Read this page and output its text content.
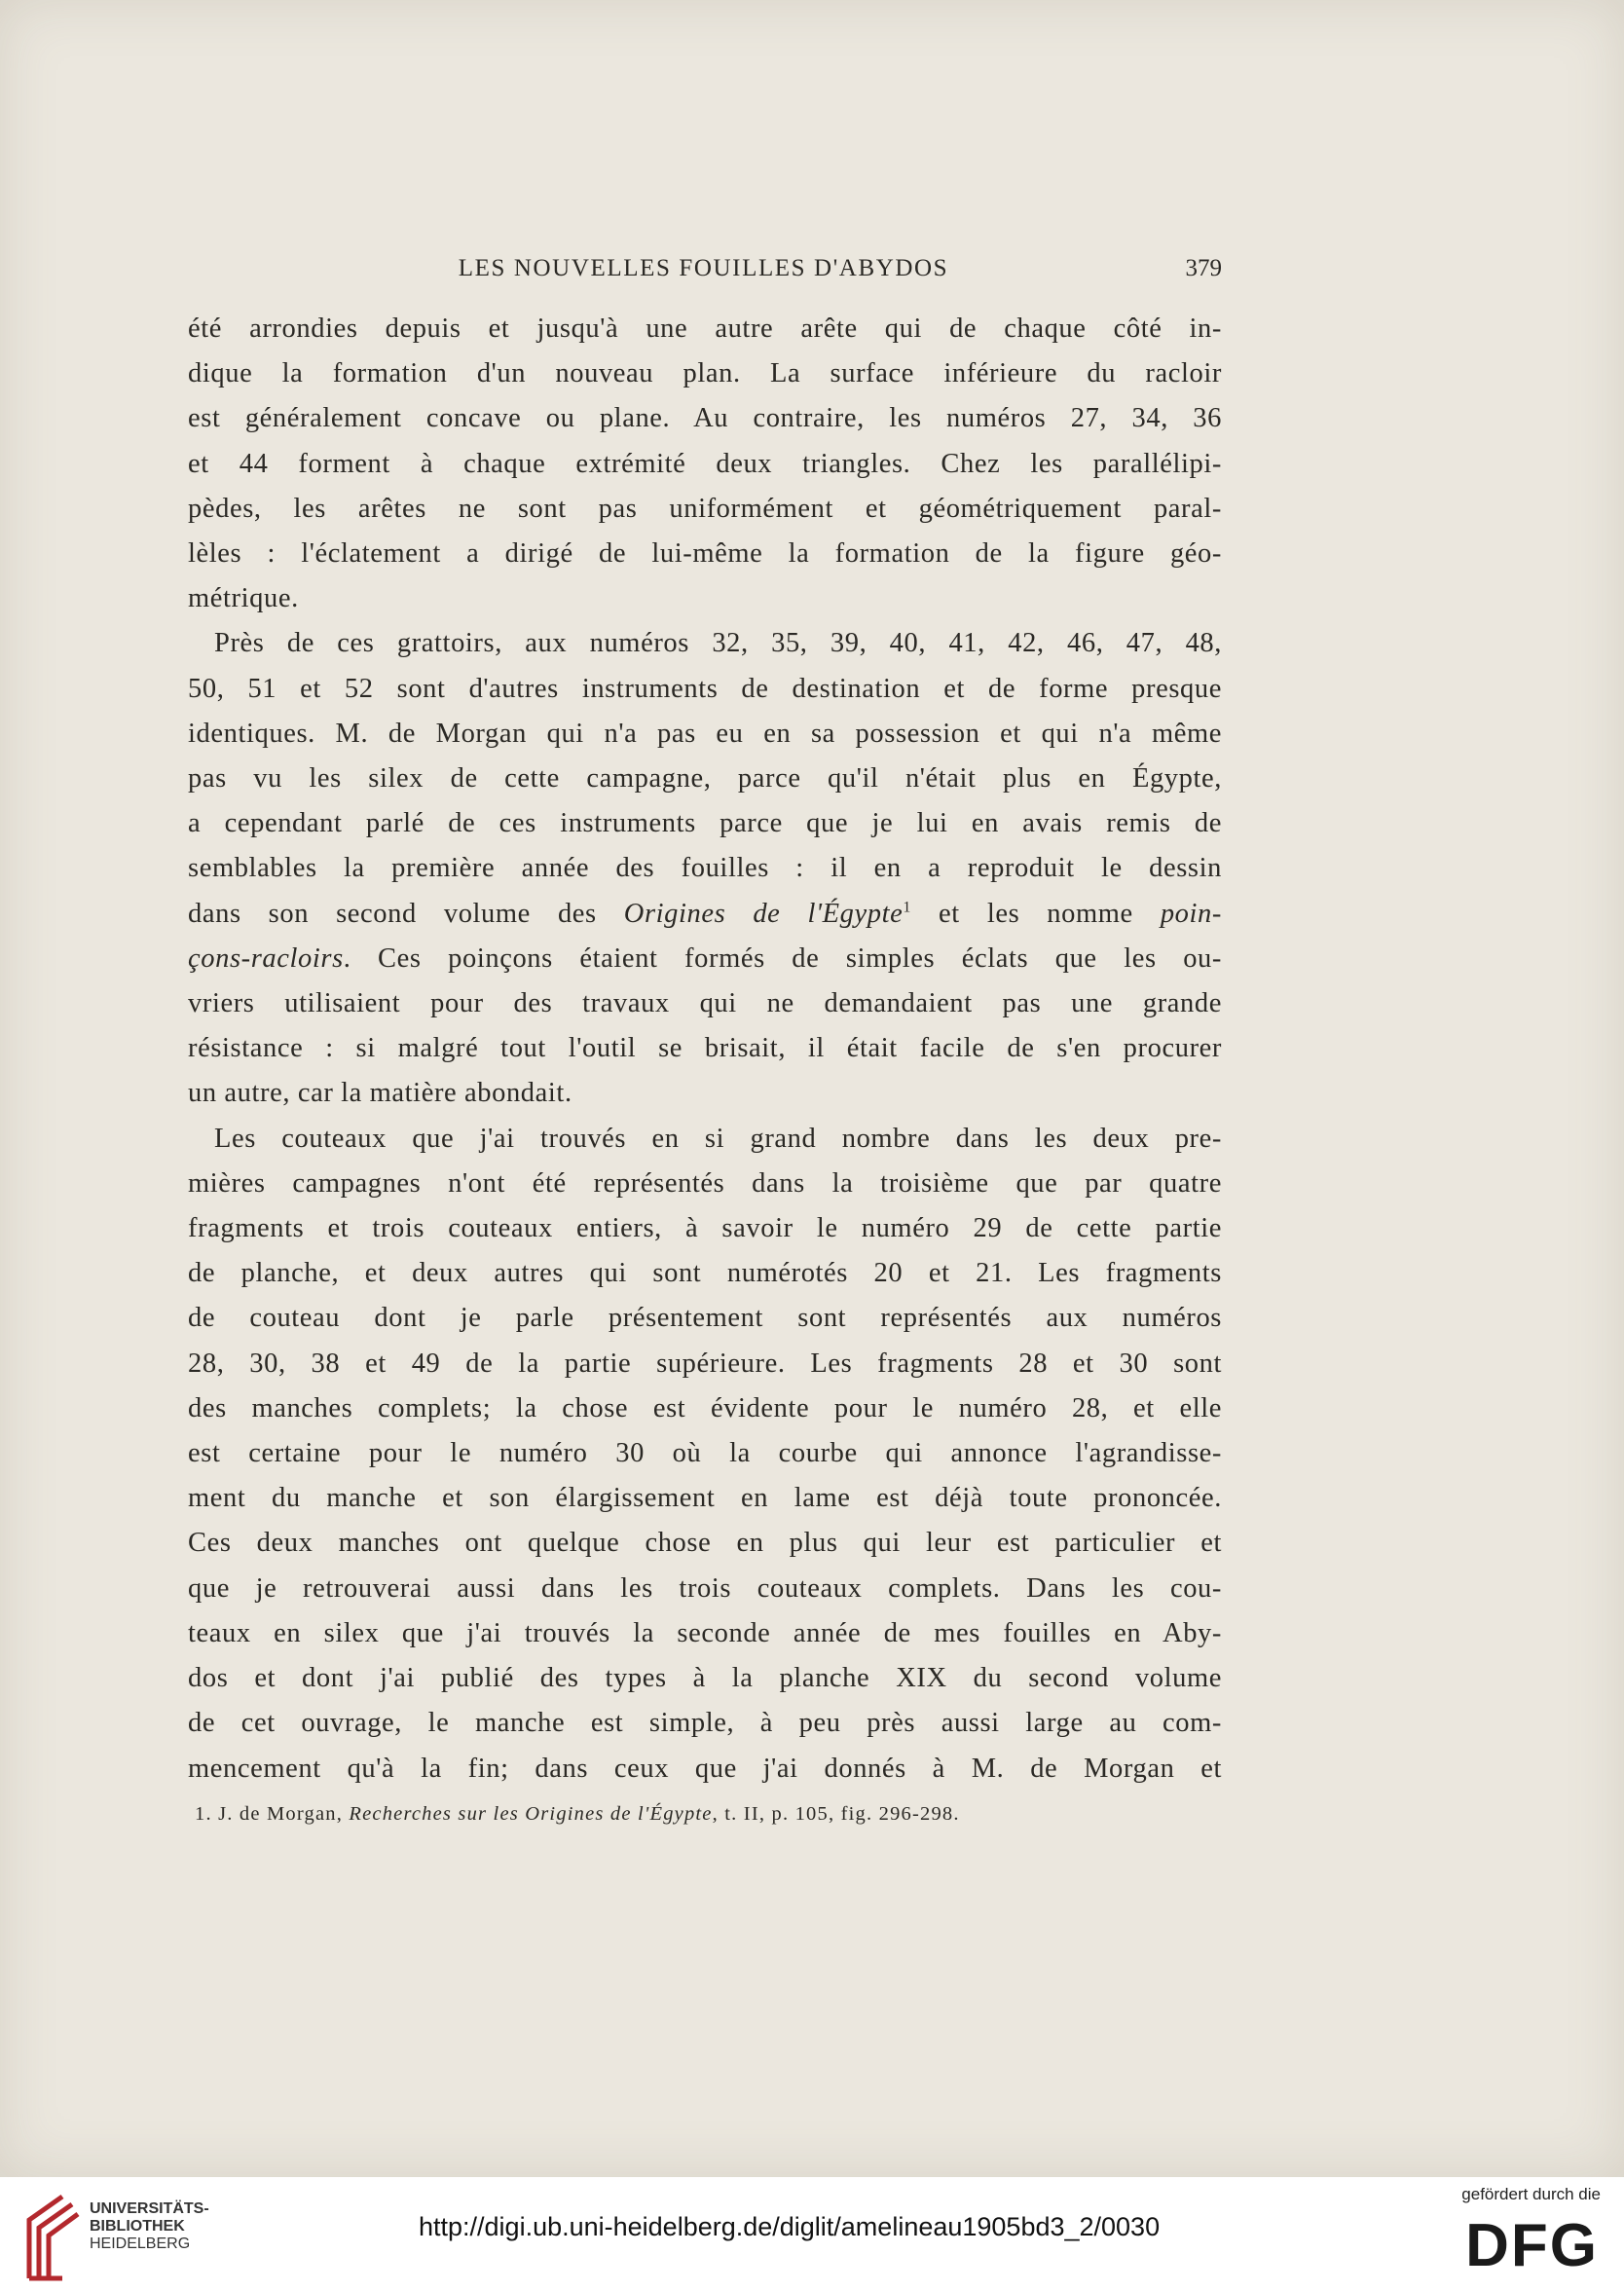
LES NOUVELLES FOUILLES D'ABYDOS	379

été arrondies depuis et jusqu'à une autre arête qui de chaque côté in-
dique la formation d'un nouveau plan. La surface inférieure du racloir
est généralement concave ou plane. Au contraire, les numéros 27, 34, 36
et 44 forment à chaque extrémité deux triangles. Chez les parallélipi-
pèdes, les arêtes ne sont pas uniformément et géométriquement paral-
lèles : l'éclatement a dirigé de lui-même la formation de la figure géo-
métrique.

Près de ces grattoirs, aux numéros 32, 35, 39, 40, 41, 42, 46, 47, 48,
50, 51 et 52 sont d'autres instruments de destination et de forme presque
identiques. M. de Morgan qui n'a pas eu en sa possession et qui n'a même
pas vu les silex de cette campagne, parce qu'il n'était plus en Égypte,
a cependant parlé de ces instruments parce que je lui en avais remis de
semblables la première année des fouilles : il en a reproduit le dessin
dans son second volume des Origines de l'Égypte$^1$ et les nomme poin-
çons-racloirs. Ces poinçons étaient formés de simples éclats que les ou-
vriers utilisaient pour des travaux qui ne demandaient pas une grande
résistance : si malgré tout l'outil se brisait, il était facile de s'en procurer
un autre, car la matière abondait.

Les couteaux que j'ai trouvés en si grand nombre dans les deux pre-
mières campagnes n'ont été représentés dans la troisième que par quatre
fragments et trois couteaux entiers, à savoir le numéro 29 de cette partie
de planche, et deux autres qui sont numérotés 20 et 21. Les fragments
de couteau dont je parle présentement sont représentés aux numéros
28, 30, 38 et 49 de la partie supérieure. Les fragments 28 et 30 sont
des manches complets; la chose est évidente pour le numéro 28, et elle
est certaine pour le numéro 30 où la courbe qui annonce l'agrandisse-
ment du manche et son élargissement en lame est déjà toute prononcée.
Ces deux manches ont quelque chose en plus qui leur est particulier et
que je retrouverai aussi dans les trois couteaux complets. Dans les cou-
teaux en silex que j'ai trouvés la seconde année de mes fouilles en Aby-
dos et dont j'ai publié des types à la planche XIX du second volume
de cet ouvrage, le manche est simple, à peu près aussi large au com-
mencement qu'à la fin; dans ceux que j'ai donnés à M. de Morgan et

1. J. de Morgan, Recherches sur les Origines de l'Égypte, t. II, p. 105, fig. 296-298.
UNIVERSITÄTS-
BIBLIOTHEK
HEIDELBERG
http://digi.ub.uni-heidelberg.de/diglit/amelineau1905bd3_2/0030
gefördert durch die
DFG
